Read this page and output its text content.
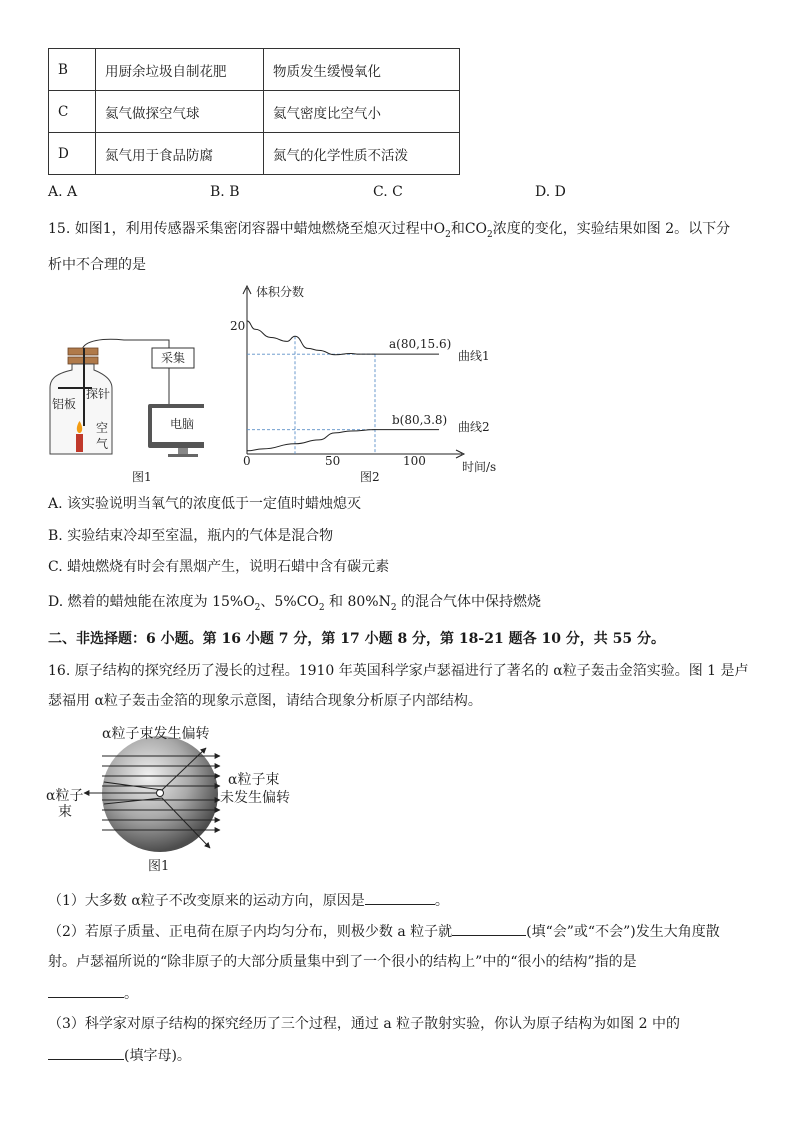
B	用厨余垃圾自制花肥	物质发生缓慢氧化
C	氦气做探空气球	氦气密度比空气小
D	氮气用于食品防腐	氮气的化学性质不活泼
A. A	B. B	C. C	D. D
15. 如图1，利用传感器采集密闭容器中蜡烛燃烧至熄灭过程中$O_2$和$CO_2$浓度的变化，实验结果如图 2。以下分
析中不合理的是
探针
铝板
空
气
采集
电脑
图1
体积分数
时间/s
20
0	50	100
图2
a(80,15.6)
b(80,3.8)
曲线1
曲线2
A. 该实验说明当氧气的浓度低于一定值时蜡烛熄灭
B. 实验结束冷却至室温，瓶内的气体是混合物
C. 蜡烛燃烧有时会有黑烟产生，说明石蜡中含有碳元素
D. 燃着的蜡烛能在浓度为 $15\%O_2$、$5\%CO_2$ 和 $80\%N_2$ 的混合气体中保持燃烧
二、非选择题：6 小题。第 16 小题 7 分，第 17 小题 8 分，第 18-21 题各 10 分，共 55 分。
16. 原子结构的探究经历了漫长的过程。1910 年英国科学家卢瑟福进行了著名的 α粒子轰击金箔实验。图 1 是卢
瑟福用 α粒子轰击金箔的现象示意图，请结合现象分析原子内部结构。
α粒子束发生偏转
α粒子
束
α粒子束
未发生偏转
图1
（1）大多数 α粒子不改变原来的运动方向，原因是	。
（2）若原子质量、正电荷在原子内均匀分布，则极少数 a 粒子就	(填“会”或“不会”)发生大角度散
射。卢瑟福所说的“除非原子的大部分质量集中到了一个很小的结构上”中的“很小的结构”指的是
。
（3）科学家对原子结构的探究经历了三个过程，通过 a 粒子散射实验，你认为原子结构为如图 2 中的
(填字母)。
